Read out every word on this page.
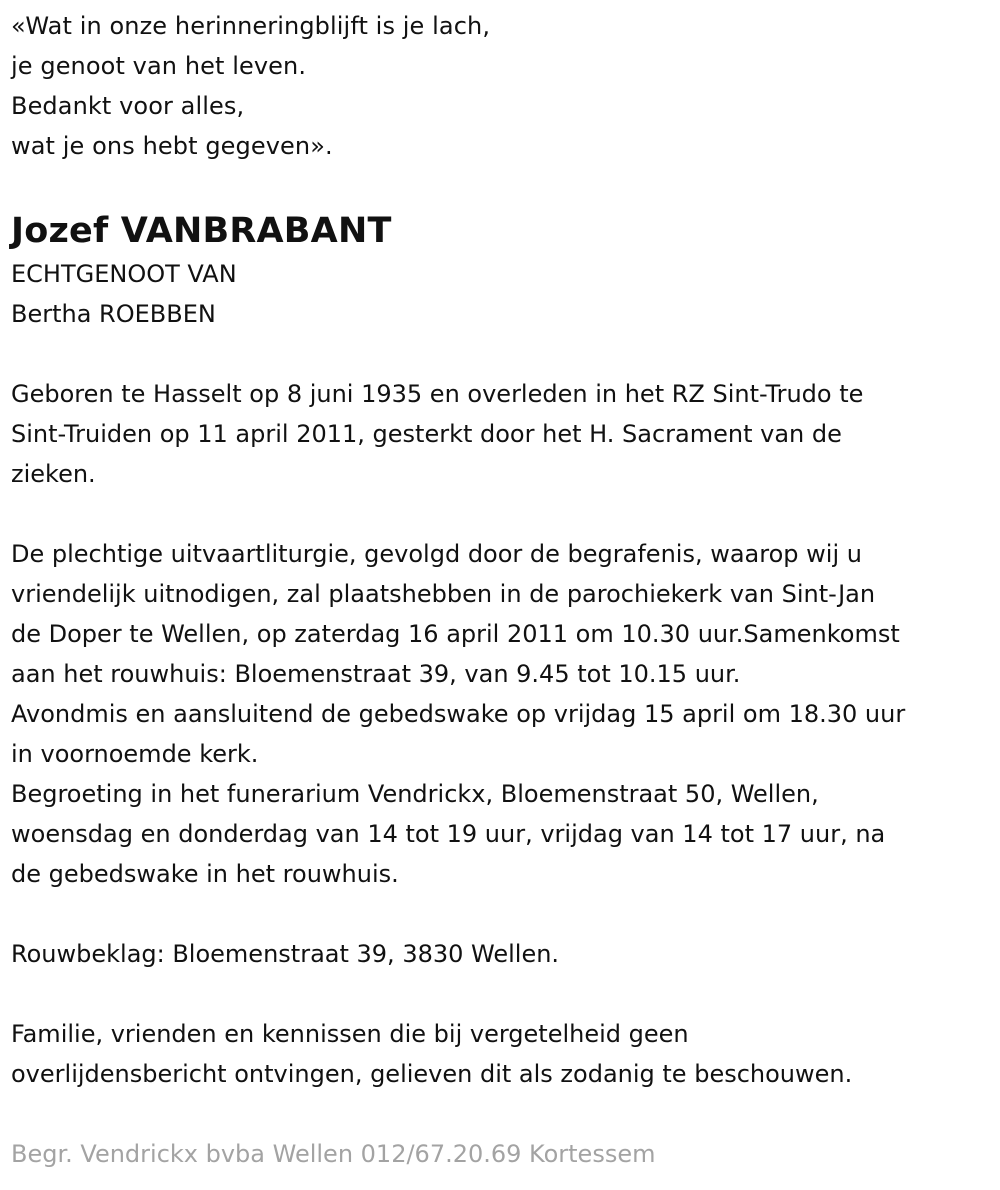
«Wat in onze herinneringblijft is je lach,
je genoot van het leven.
Bedankt voor alles,
wat je ons hebt gegeven».
Jozef VANBRABANT
ECHTGENOOT VAN
Bertha ROEBBEN
Geboren te Hasselt op 8 juni 1935 en overleden in het RZ Sint-Trudo te
Sint-Truiden op 11 april 2011, gesterkt door het H. Sacrament van de
zieken.
De plechtige uitvaartliturgie, gevolgd door de begrafenis, waarop wij u
vriendelijk uitnodigen, zal plaatshebben in de parochiekerk van Sint-Jan
de Doper te Wellen, op zaterdag 16 april 2011 om 10.30 uur.Samenkomst
aan het rouwhuis: Bloemenstraat 39, van 9.45 tot 10.15 uur.
Avondmis en aansluitend de gebedswake op vrijdag 15 april om 18.30 uur
in voornoemde kerk.
Begroeting in het funerarium Vendrickx, Bloemenstraat 50, Wellen,
woensdag en donderdag van 14 tot 19 uur, vrijdag van 14 tot 17 uur, na
de gebedswake in het rouwhuis.
Rouwbeklag: Bloemenstraat 39, 3830 Wellen.
Familie, vrienden en kennissen die bij vergetelheid geen
overlijdensbericht ontvingen, gelieven dit als zodanig te beschouwen.
Begr. Vendrickx bvba Wellen 012/67.20.69 Kortessem
